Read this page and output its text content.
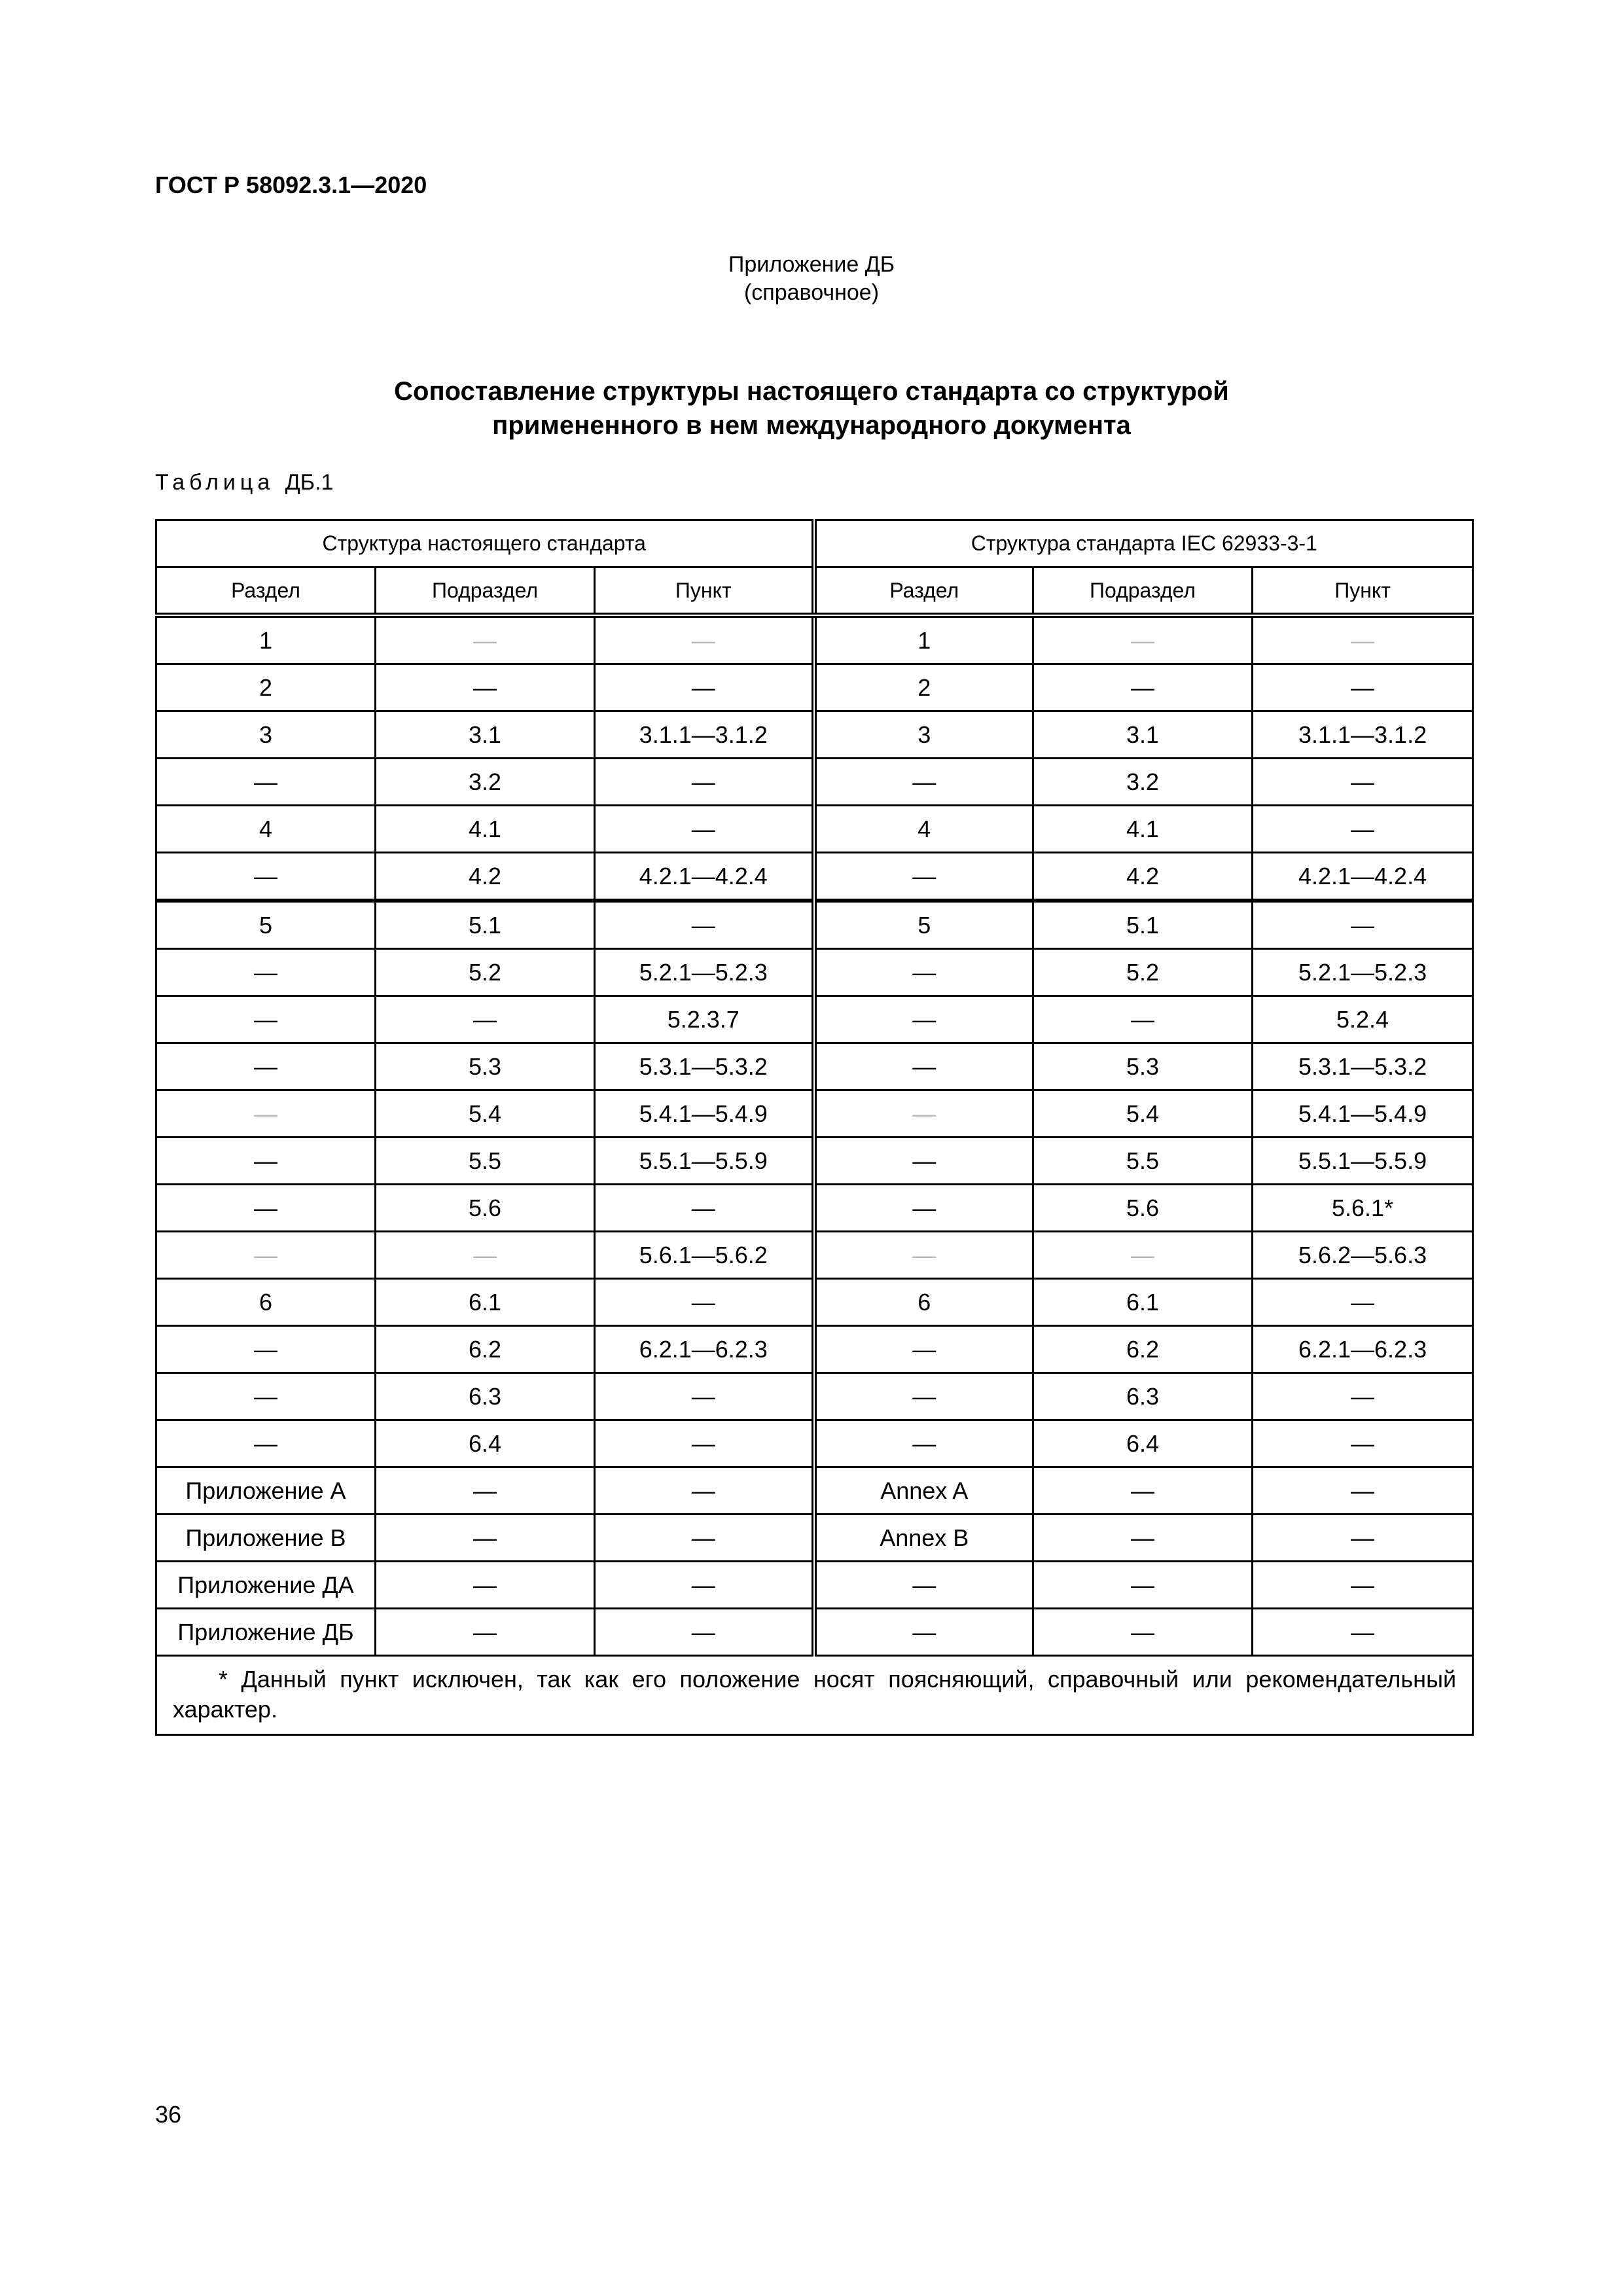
ГОСТ Р 58092.3.1—2020
Приложение ДБ
(справочное)
Сопоставление структуры настоящего стандарта со структурой
примененного в нем международного документа
Таблица ДБ.1
Структура настоящего стандарта			Структура стандарта IEC 62933-3-1		
Раздел	Подраздел	Пункт	Раздел	Подраздел	Пункт
1	—	—	1	—	—
2	—	—	2	—	—
3	3.1	3.1.1—3.1.2	3	3.1	3.1.1—3.1.2
—	3.2	—	—	3.2	—
4	4.1	—	4	4.1	—
—	4.2	4.2.1—4.2.4	—	4.2	4.2.1—4.2.4
5	5.1	—	5	5.1	—
—	5.2	5.2.1—5.2.3	—	5.2	5.2.1—5.2.3
—	—	5.2.3.7	—	—	5.2.4
—	5.3	5.3.1—5.3.2	—	5.3	5.3.1—5.3.2
—	5.4	5.4.1—5.4.9	—	5.4	5.4.1—5.4.9
—	5.5	5.5.1—5.5.9	—	5.5	5.5.1—5.5.9
—	5.6	—	—	5.6	5.6.1*
—	—	5.6.1—5.6.2	—	—	5.6.2—5.6.3
6	6.1	—	6	6.1	—
—	6.2	6.2.1—6.2.3	—	6.2	6.2.1—6.2.3
—	6.3	—	—	6.3	—
—	6.4	—	—	6.4	—
Приложение А	—	—	Annex A	—	—
Приложение В	—	—	Annex B	—	—
Приложение ДА	—	—	—	—	—
Приложение ДБ	—	—	—	—	—
* Данный пункт исключен, так как его положение носят поясняющий, справочный или рекомендательный характер.					
36
